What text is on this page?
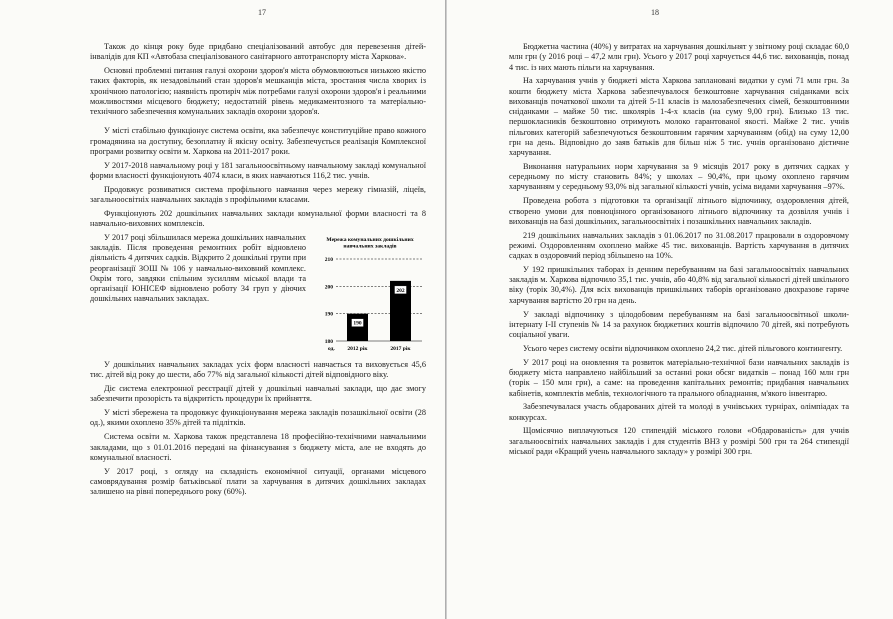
17

Також до кінця року буде придбано спеціалізований автобус для перевезення дітей-інвалідів для КП «Автобаза спеціалізованого санітарного автотранспорту міста Харкова».

Основні проблемні питання галузі охорони здоров'я міста обумовлюються низькою якістю таких факторів, як незадовільний стан здоров'я мешканців міста, зростання числа хворих із хронічною патологією; наявність протиріч між потребами галузі охорони здоров'я і реальними можливостями місцевого бюджету; недостатній рівень медикаментозного та матеріально-технічного забезпечення комунальних закладів охорони здоров'я.

У місті стабільно функціонує система освіти, яка забезпечує конституційне право кожного громадянина на доступну, безоплатну й якісну освіту. Забезпечується реалізація Комплексної програми розвитку освіти м. Харкова на 2011-2017 роки.

У 2017-2018 навчальному році у 181 загальноосвітньому навчальному закладі комунальної форми власності функціонують 4074 класи, в яких навчаються 116,2 тис. учнів.

Продовжує розвиватися система профільного навчання через мережу гімназій, ліцеїв, загальноосвітніх навчальних закладів з профільними класами.

Функціонують 202 дошкільних навчальних заклади комунальної форми власності та 8 навчально-виховних комплексів.

Мережа комунальних дошкільних навчальних закладів
180
190
200
210
190
202
2012 рік	2017 рік
од.

У 2017 році збільшилася мережа дошкільних навчальних закладів. Після проведення ремонтних робіт відновлено діяльність 4 дитячих садків. Відкрито 2 дошкільні групи при реорганізації ЗОШ № 106 у навчально-виховний комплекс. Окрім того, завдяки спільним зусиллям міської влади та організації ЮНІСЕФ відновлено роботу 34 груп у діючих дошкільних навчальних закладах.

У дошкільних навчальних закладах усіх форм власності навчається та виховується 45,6 тис. дітей від року до шести, або 77% від загальної кількості дітей відповідного віку.

Діє система електронної реєстрації дітей у дошкільні навчальні заклади, що дає змогу забезпечити прозорість та відкритість процедури їх прийняття.

У місті збережена та продовжує функціонування мережа закладів позашкільної освіти (28 од.), якими охоплено 35% дітей та підлітків.

Система освіти м. Харкова також представлена 18 професійно-технічними навчальними закладами, що з 01.01.2016 передані на фінансування з бюджету міста, але не входять до комунальної власності.

У 2017 році, з огляду на складність економічної ситуації, органами місцевого самоврядування розмір батьківської плати за харчування в дитячих дошкільних закладах залишено на рівні попереднього року (60%).

18

Бюджетна частина (40%) у витратах на харчування дошкільнят у звітному році складає 60,0 млн грн (у 2016 році – 47,2 млн грн). Усього у 2017 році харчується 44,6 тис. вихованців, понад 4 тис. із них мають пільги на харчування.

На харчування учнів у бюджеті міста Харкова заплановані видатки у сумі 71 млн грн. За кошти бюджету міста Харкова забезпечувалося безкоштовне харчування сніданками всіх вихованців початкової школи та дітей 5-11 класів із малозабезпечених сімей, безкоштовними сніданками – майже 50 тис. школярів 1-4-х класів (на суму 9,00 грн). Близько 13 тис. першокласників безкоштовно отримують молоко гарантованої якості. Майже 2 тис. учнів пільгових категорій забезпечуються безкоштовним гарячим харчуванням (обід) на суму 12,00 грн на день. Відповідно до заяв батьків для більш ніж 5 тис. учнів організовано дієтичне харчування.

Виконання натуральних норм харчування за 9 місяців 2017 року в дитячих садках у середньому по місту становить 84%; у школах – 90,4%, при цьому охоплено гарячим харчуванням у середньому 93,0% від загальної кількості учнів, усіма видами харчування –97%.

Проведена робота з підготовки та організації літнього відпочинку, оздоровлення дітей, створено умови для повноцінного організованого літнього відпочинку та дозвілля учнів і вихованців на базі дошкільних, загальноосвітніх і позашкільних навчальних закладів.

219 дошкільних навчальних закладів з 01.06.2017 по 31.08.2017 працювали в оздоровчому режимі. Оздоровленням охоплено майже 45 тис. вихованців. Вартість харчування в дитячих садках в оздоровчий період збільшено на 10%.

У 192 пришкільних таборах із денним перебуванням на базі загальноосвітніх навчальних закладів м. Харкова відпочило 35,1 тис. учнів, або 40,8% від загальної кількості дітей шкільного віку (торік 30,4%). Для всіх вихованців пришкільних таборів організовано двохразове гаряче харчування вартістю 20 грн на день.

У закладі відпочинку з цілодобовим перебуванням на базі загальноосвітньої школи-інтернату І-ІІ ступенів № 14 за рахунок бюджетних коштів відпочило 70 дітей, які потребують соціальної уваги.

Усього через систему освіти відпочинком охоплено 24,2 тис. дітей пільгового контингенту.

У 2017 році на оновлення та розвиток матеріально-технічної бази навчальних закладів із бюджету міста направлено найбільший за останні роки обсяг видатків – понад 160 млн грн (торік – 150 млн грн), а саме: на проведення капітальних ремонтів; придбання навчальних кабінетів, комплектів меблів, технологічного та прального обладнання, м'якого інвентарю.

Забезпечувалася участь обдарованих дітей та молоді в учнівських турнірах, олімпіадах та конкурсах.

Щомісячно виплачуються 120 стипендій міського голови «Обдарованість» для учнів загальноосвітніх навчальних закладів і для студентів ВНЗ у розмірі 500 грн та 264 стипендії міської ради «Кращий учень навчального закладу» у розмірі 300 грн.
